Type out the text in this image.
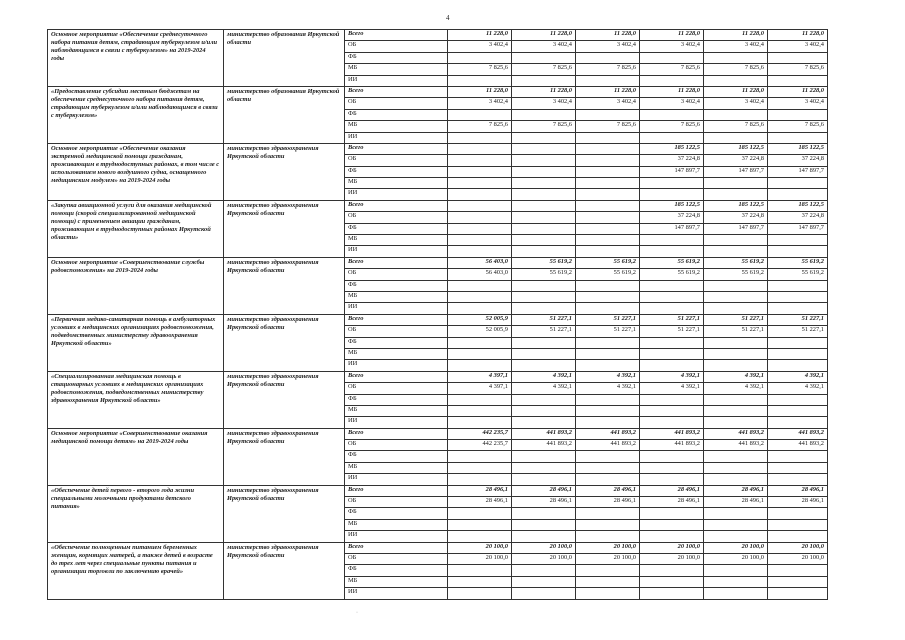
4
Основное мероприятие «Обеспечение среднесуточного набора питания детям, страдающим туберкулезом и/или наблюдающимся в связи с туберкулезом» на 2019-2024 годы	министерство образования Иркутской области	Всего	11 228,0	11 228,0	11 228,0	11 228,0	11 228,0	11 228,0
		ОБ	3 402,4	3 402,4	3 402,4	3 402,4	3 402,4	3 402,4
		ФБ						
		МБ	7 825,6	7 825,6	7 825,6	7 825,6	7 825,6	7 825,6
		ИИ						
«Предоставление субсидии местным бюджетам на обеспечение среднесуточного набора питания детям, страдающим туберкулезом и/или наблюдающимся в связи с туберкулезом»	министерство образования Иркутской области	Всего	11 228,0	11 228,0	11 228,0	11 228,0	11 228,0	11 228,0
		ОБ	3 402,4	3 402,4	3 402,4	3 402,4	3 402,4	3 402,4
		ФБ						
		МБ	7 825,6	7 825,6	7 825,6	7 825,6	7 825,6	7 825,6
		ИИ						
Основное мероприятие «Обеспечение оказания экстренной медицинской помощи гражданам, проживающим в труднодоступных районах, в том числе с использованием нового воздушного судна, оснащенного медицинским модулем» на 2019-2024 годы	министерство здравоохранения Иркутской области	Всего				185 122,5	185 122,5	185 122,5
		ОБ				37 224,8	37 224,8	37 224,8
		ФБ				147 897,7	147 897,7	147 897,7
		МБ						
		ИИ						
«Закупка авиационной услуги для оказания медицинской помощи (скорой специализированной медицинской помощи) с применением авиации гражданам, проживающим в труднодоступных районах Иркутской области»	министерство здравоохранения Иркутской области	Всего				185 122,5	185 122,5	185 122,5
		ОБ				37 224,8	37 224,8	37 224,8
		ФБ				147 897,7	147 897,7	147 897,7
		МБ						
		ИИ						
Основное мероприятие «Совершенствование службы родовспоможения» на 2019-2024 годы	министерство здравоохранения Иркутской области	Всего	56 403,0	55 619,2	55 619,2	55 619,2	55 619,2	55 619,2
		ОБ	56 403,0	55 619,2	55 619,2	55 619,2	55 619,2	55 619,2
		ФБ						
		МБ						
		ИИ						
«Первичная медико-санитарная помощь в амбулаторных условиях в медицинских организациях родовспоможения, подведомственных министерству здравоохранения Иркутской области»	министерство здравоохранения Иркутской области	Всего	52 005,9	51 227,1	51 227,1	51 227,1	51 227,1	51 227,1
		ОБ	52 005,9	51 227,1	51 227,1	51 227,1	51 227,1	51 227,1
		ФБ						
		МБ						
		ИИ						
«Специализированная медицинская помощь в стационарных условиях в медицинских организациях родовспоможения, подведомственных министерству здравоохранения Иркутской области»	министерство здравоохранения Иркутской области	Всего	4 397,1	4 392,1	4 392,1	4 392,1	4 392,1	4 392,1
		ОБ	4 397,1	4 392,1	4 392,1	4 392,1	4 392,1	4 392,1
		ФБ						
		МБ						
		ИИ						
Основное мероприятие «Совершенствование оказания медицинской помощи детям» на 2019-2024 годы	министерство здравоохранения Иркутской области	Всего	442 235,7	441 893,2	441 893,2	441 893,2	441 893,2	441 893,2
		ОБ	442 235,7	441 893,2	441 893,2	441 893,2	441 893,2	441 893,2
		ФБ						
		МБ						
		ИИ						
«Обеспечение детей первого - второго года жизни специальными молочными продуктами детского питания»	министерство здравоохранения Иркутской области	Всего	28 496,1	28 496,1	28 496,1	28 496,1	28 496,1	28 496,1
		ОБ	28 496,1	28 496,1	28 496,1	28 496,1	28 496,1	28 496,1
		ФБ						
		МБ						
		ИИ						
«Обеспечение полноценным питанием беременных женщин, кормящих матерей, а также детей в возрасте до трех лет через специальные пункты питания и организации торговли по заключению врачей»	министерство здравоохранения Иркутской области	Всего	20 100,0	20 100,0	20 100,0	20 100,0	20 100,0	20 100,0
		ОБ	20 100,0	20 100,0	20 100,0	20 100,0	20 100,0	20 100,0
		ФБ						
		МБ						
		ИИ						
·
